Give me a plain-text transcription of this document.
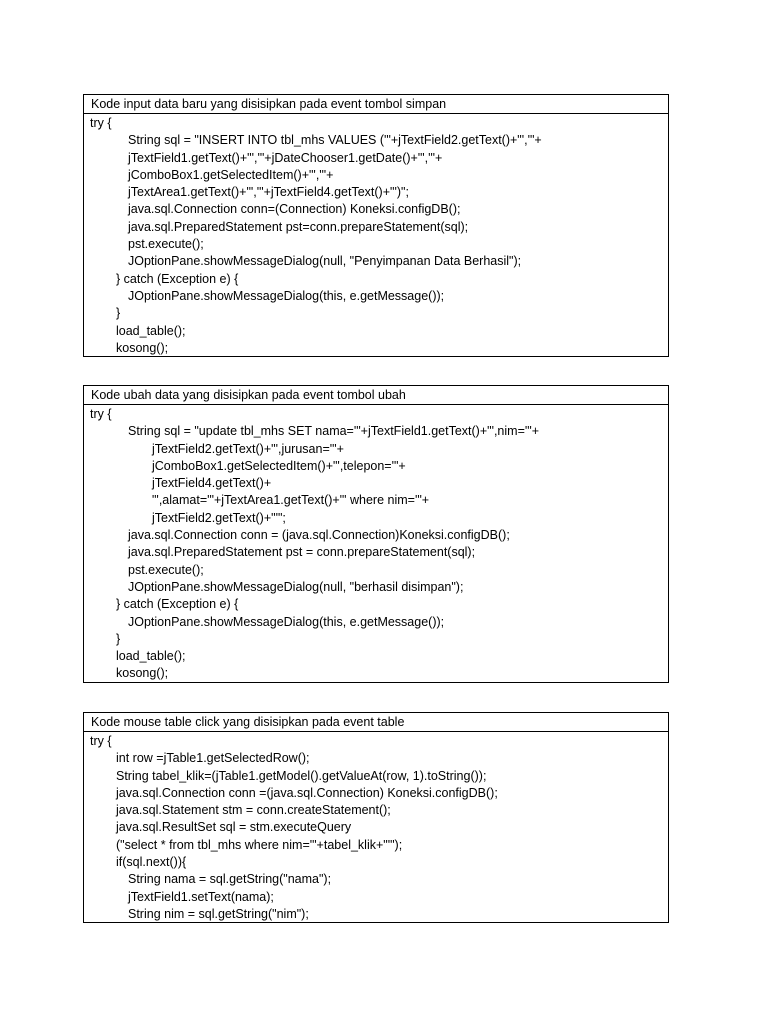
Kode input data baru yang disisipkan pada event tombol simpan
try {
String sql = "INSERT INTO tbl_mhs VALUES ('"+jTextField2.getText()+"','"+
jTextField1.getText()+"','"+jDateChooser1.getDate()+"','"+
jComboBox1.getSelectedItem()+"','"+
jTextArea1.getText()+"','"+jTextField4.getText()+"')";
java.sql.Connection conn=(Connection) Koneksi.configDB();
java.sql.PreparedStatement pst=conn.prepareStatement(sql);
pst.execute();
JOptionPane.showMessageDialog(null, "Penyimpanan Data Berhasil");
} catch (Exception e) {
JOptionPane.showMessageDialog(this, e.getMessage());
}
load_table();
kosong();
Kode ubah data yang disisipkan pada event tombol ubah
try {
String sql = "update tbl_mhs SET nama='"+jTextField1.getText()+"',nim='"+
jTextField2.getText()+"',jurusan='"+
jComboBox1.getSelectedItem()+"',telepon='"+
jTextField4.getText()+
"',alamat='"+jTextArea1.getText()+"' where nim='"+
jTextField2.getText()+"'";
java.sql.Connection conn = (java.sql.Connection)Koneksi.configDB();
java.sql.PreparedStatement pst = conn.prepareStatement(sql);
pst.execute();
JOptionPane.showMessageDialog(null, "berhasil disimpan");
} catch (Exception e) {
JOptionPane.showMessageDialog(this, e.getMessage());
}
load_table();
kosong();
Kode mouse table click yang disisipkan pada event table
try {
int row =jTable1.getSelectedRow();
String tabel_klik=(jTable1.getModel().getValueAt(row, 1).toString());
java.sql.Connection conn =(java.sql.Connection) Koneksi.configDB();
java.sql.Statement stm = conn.createStatement();
java.sql.ResultSet sql = stm.executeQuery
("select * from tbl_mhs where nim='"+tabel_klik+"'");
if(sql.next()){
String nama = sql.getString("nama");
jTextField1.setText(nama);
String nim = sql.getString("nim");
